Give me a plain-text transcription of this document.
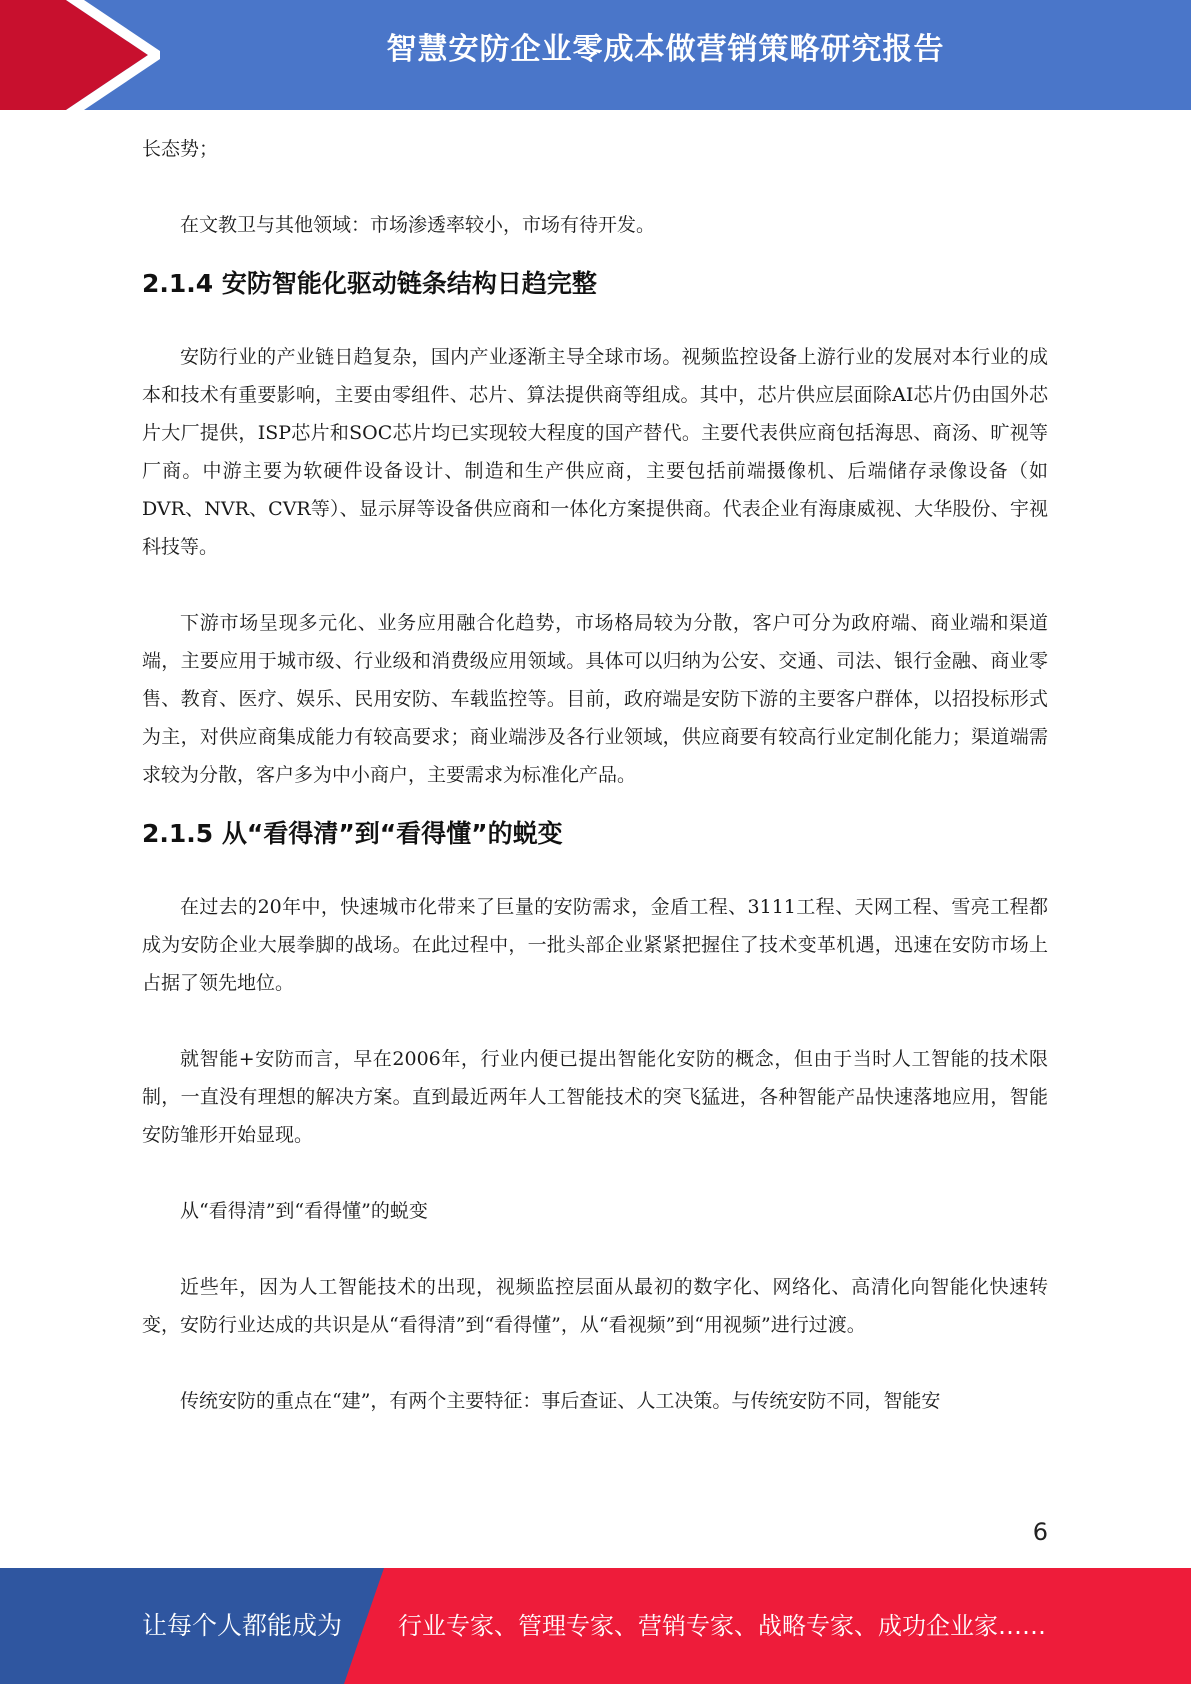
智慧安防企业零成本做营销策略研究报告

长态势；

在文教卫与其他领域：市场渗透率较小，市场有待开发。

2.1.4 安防智能化驱动链条结构日趋完整

安防行业的产业链日趋复杂，国内产业逐渐主导全球市场。视频监控设备上游行业的发展对本行业的成本和技术有重要影响，主要由零组件、芯片、算法提供商等组成。其中，芯片供应层面除AI芯片仍由国外芯片大厂提供，ISP芯片和SOC芯片均已实现较大程度的国产替代。主要代表供应商包括海思、商汤、旷视等厂商。中游主要为软硬件设备设计、制造和生产供应商，主要包括前端摄像机、后端储存录像设备（如DVR、NVR、CVR等）、显示屏等设备供应商和一体化方案提供商。代表企业有海康威视、大华股份、宇视科技等。

下游市场呈现多元化、业务应用融合化趋势，市场格局较为分散，客户可分为政府端、商业端和渠道端，主要应用于城市级、行业级和消费级应用领域。具体可以归纳为公安、交通、司法、银行金融、商业零售、教育、医疗、娱乐、民用安防、车载监控等。目前，政府端是安防下游的主要客户群体，以招投标形式为主，对供应商集成能力有较高要求；商业端涉及各行业领域，供应商要有较高行业定制化能力；渠道端需求较为分散，客户多为中小商户，主要需求为标准化产品。

2.1.5 从“看得清”到“看得懂”的蜕变

在过去的20年中，快速城市化带来了巨量的安防需求，金盾工程、3111工程、天网工程、雪亮工程都成为安防企业大展拳脚的战场。在此过程中，一批头部企业紧紧把握住了技术变革机遇，迅速在安防市场上占据了领先地位。

就智能+安防而言，早在2006年，行业内便已提出智能化安防的概念，但由于当时人工智能的技术限制，一直没有理想的解决方案。直到最近两年人工智能技术的突飞猛进，各种智能产品快速落地应用，智能安防雏形开始显现。

从“看得清”到“看得懂”的蜕变

近些年，因为人工智能技术的出现，视频监控层面从最初的数字化、网络化、高清化向智能化快速转变，安防行业达成的共识是从“看得清”到“看得懂”，从“看视频”到“用视频”进行过渡。

传统安防的重点在“建”，有两个主要特征：事后查证、人工决策。与传统安防不同，智能安

6
让每个人都能成为 行业专家、管理专家、营销专家、战略专家、成功企业家……
